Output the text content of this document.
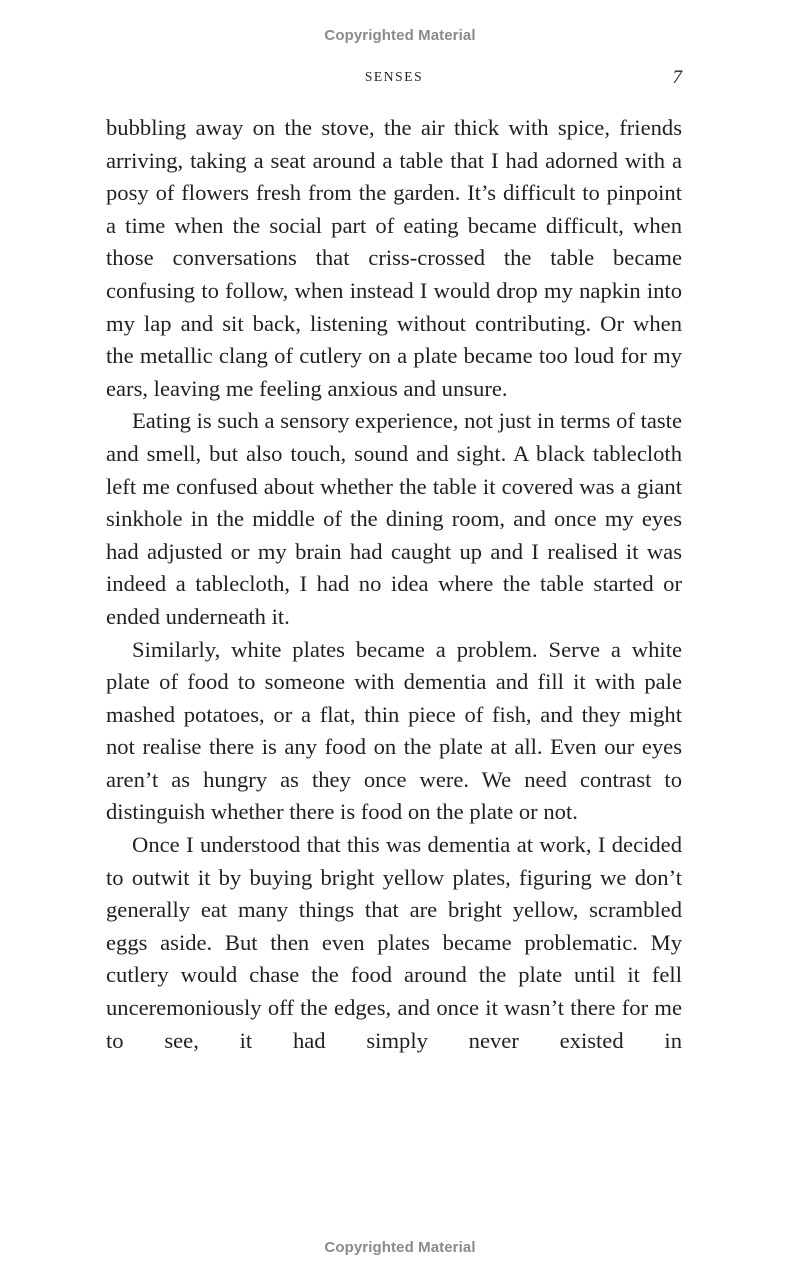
Copyrighted Material
SENSES	7

bubbling away on the stove, the air thick with spice, friends arriving, taking a seat around a table that I had adorned with a posy of flowers fresh from the garden. It’s difficult to pinpoint a time when the social part of eating became difficult, when those conversations that criss-crossed the table became confusing to follow, when instead I would drop my napkin into my lap and sit back, listening without contributing. Or when the metallic clang of cutlery on a plate became too loud for my ears, leaving me feeling anxious and unsure.

Eating is such a sensory experience, not just in terms of taste and smell, but also touch, sound and sight. A black tablecloth left me confused about whether the table it covered was a giant sinkhole in the middle of the dining room, and once my eyes had adjusted or my brain had caught up and I realised it was indeed a tablecloth, I had no idea where the table started or ended underneath it.

Similarly, white plates became a problem. Serve a white plate of food to someone with dementia and fill it with pale mashed potatoes, or a flat, thin piece of fish, and they might not realise there is any food on the plate at all. Even our eyes aren’t as hungry as they once were. We need contrast to distinguish whether there is food on the plate or not.

Once I understood that this was dementia at work, I decided to outwit it by buying bright yellow plates, figuring we don’t generally eat many things that are bright yellow, scrambled eggs aside. But then even plates became problematic. My cutlery would chase the food around the plate until it fell unceremoniously off the edges, and once it wasn’t there for me to see, it had simply never existed in

Copyrighted Material
